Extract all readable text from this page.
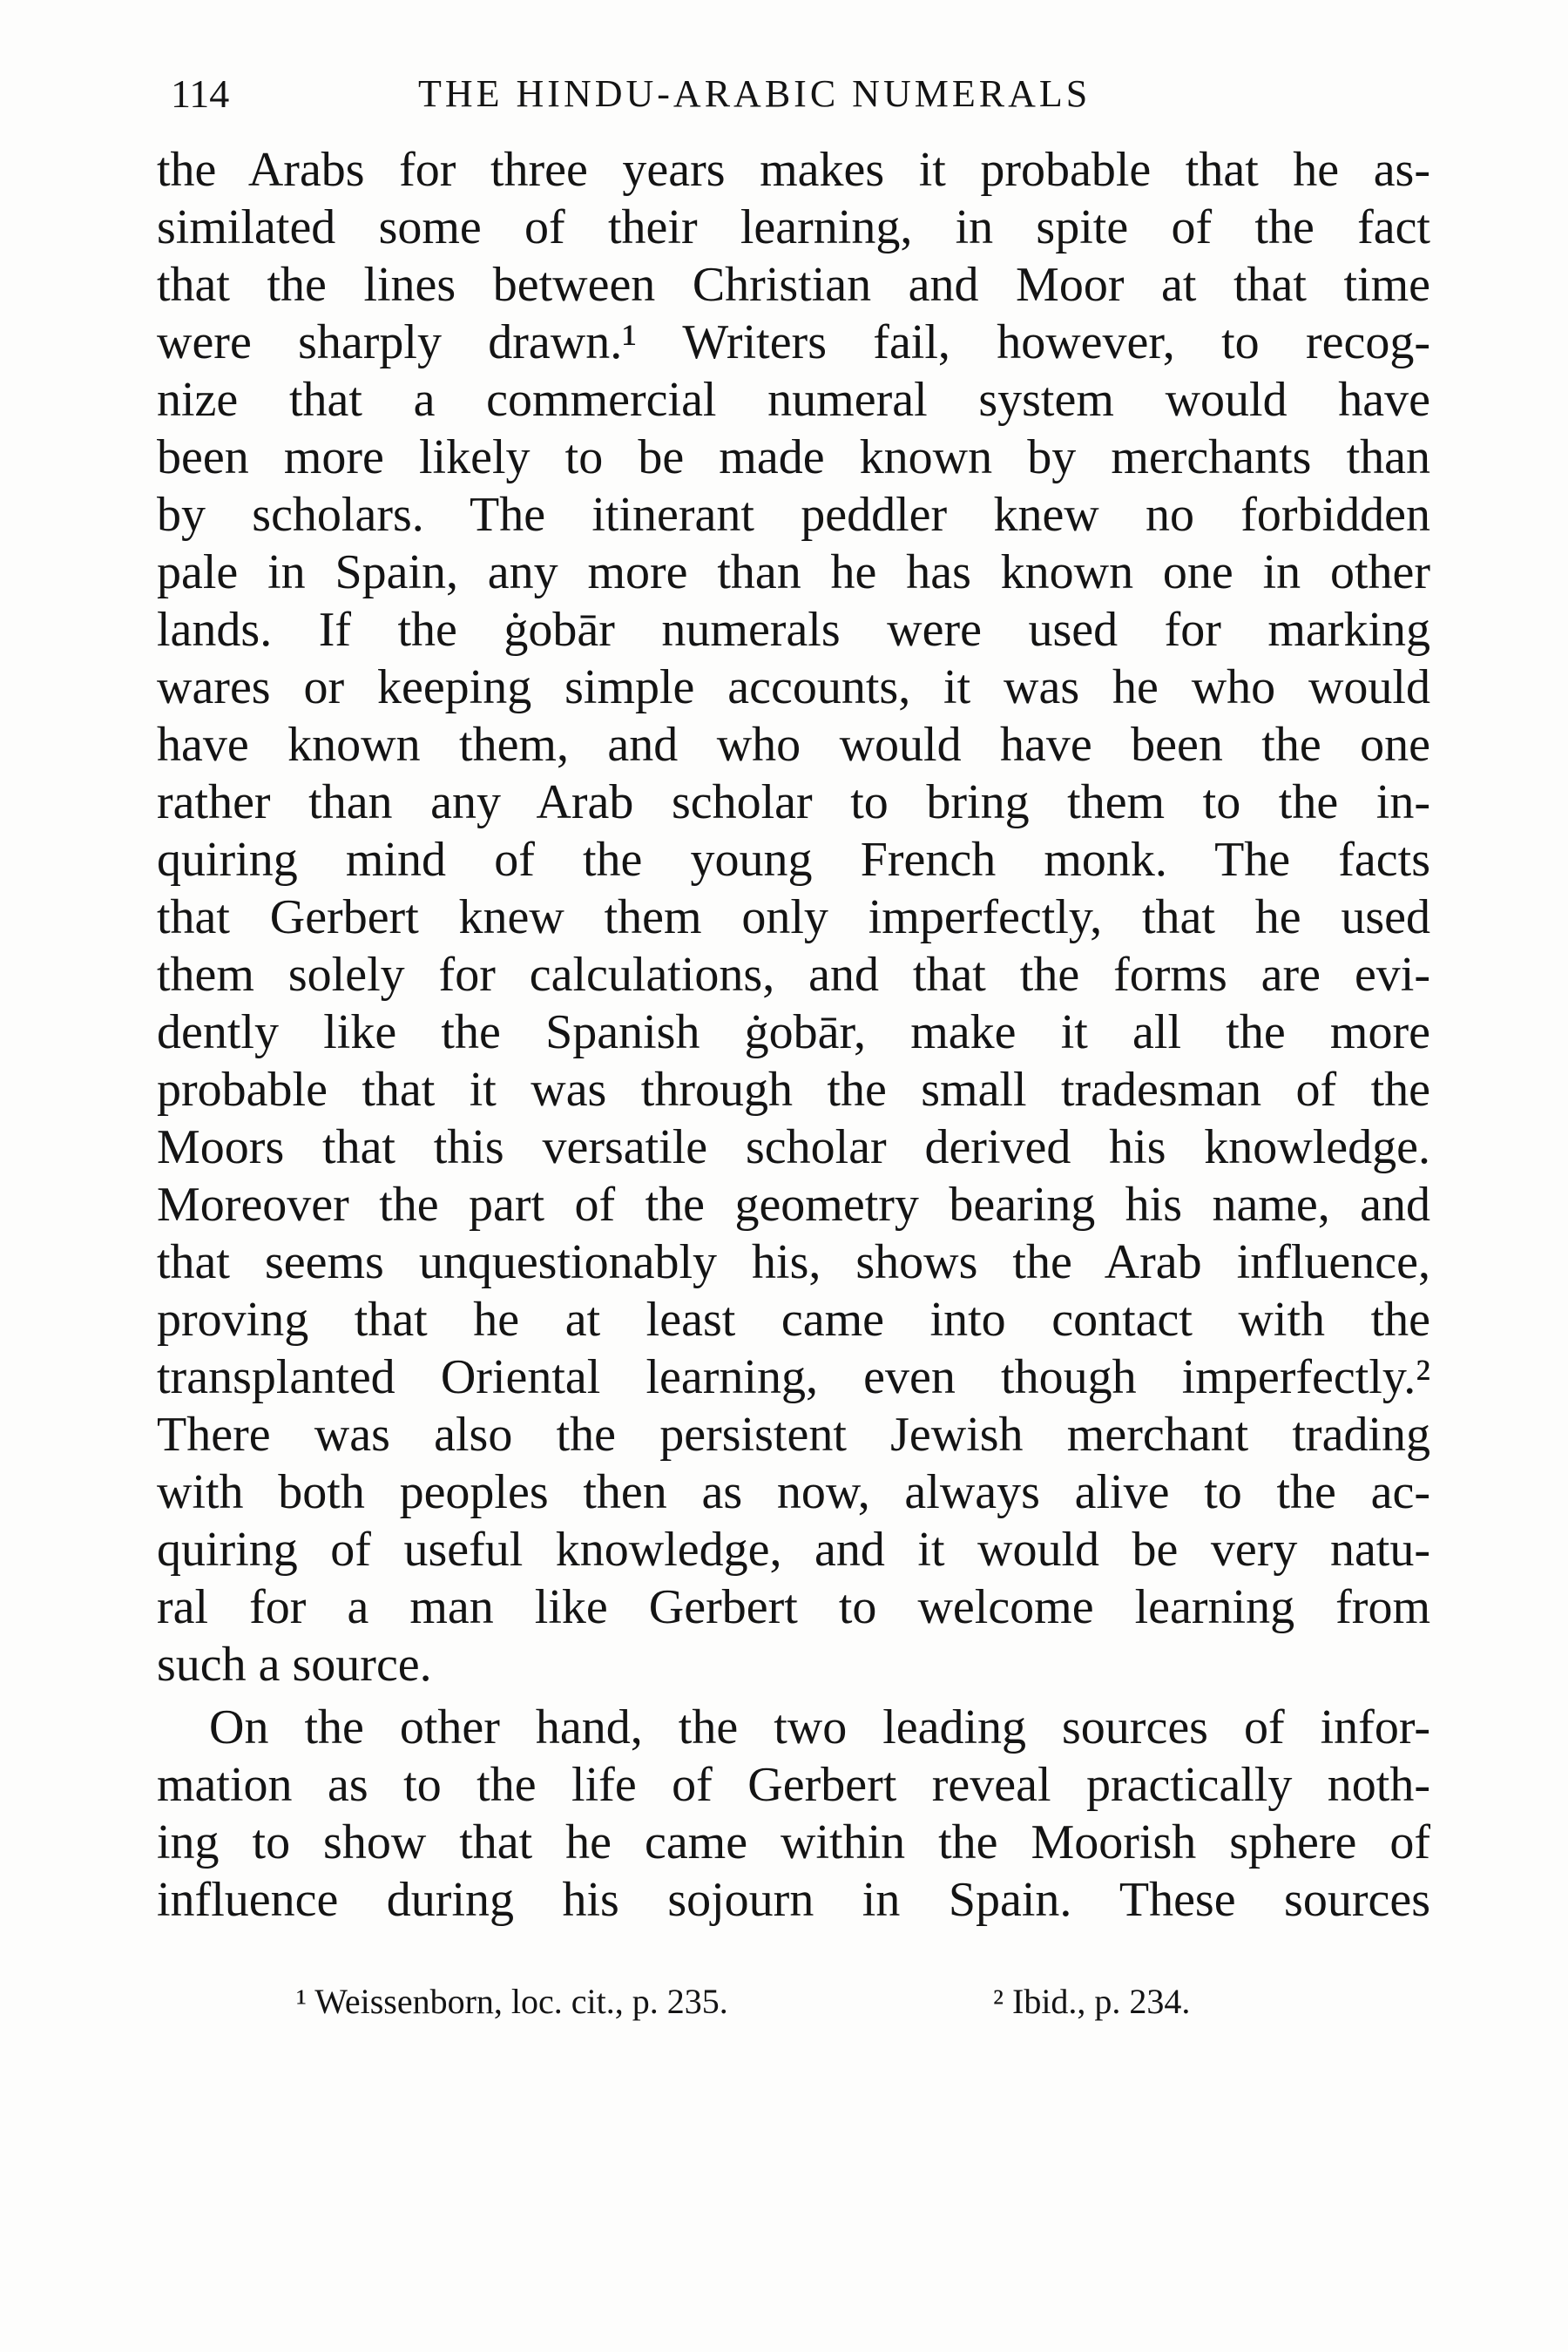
114	THE HINDU-ARABIC NUMERALS
the Arabs for three years makes it probable that he as-
similated some of their learning, in spite of the fact
that the lines between Christian and Moor at that time
were sharply drawn.¹ Writers fail, however, to recog-
nize that a commercial numeral system would have
been more likely to be made known by merchants than
by scholars. The itinerant peddler knew no forbidden
pale in Spain, any more than he has known one in other
lands. If the ġobār numerals were used for marking
wares or keeping simple accounts, it was he who would
have known them, and who would have been the one
rather than any Arab scholar to bring them to the in-
quiring mind of the young French monk. The facts
that Gerbert knew them only imperfectly, that he used
them solely for calculations, and that the forms are evi-
dently like the Spanish ġobār, make it all the more
probable that it was through the small tradesman of the
Moors that this versatile scholar derived his knowledge.
Moreover the part of the geometry bearing his name, and
that seems unquestionably his, shows the Arab influence,
proving that he at least came into contact with the
transplanted Oriental learning, even though imperfectly.²
There was also the persistent Jewish merchant trading
with both peoples then as now, always alive to the ac-
quiring of useful knowledge, and it would be very natu-
ral for a man like Gerbert to welcome learning from
such a source.
On the other hand, the two leading sources of infor-
mation as to the life of Gerbert reveal practically noth-
ing to show that he came within the Moorish sphere of
influence during his sojourn in Spain. These sources
¹ Weissenborn, loc. cit., p. 235.	² Ibid., p. 234.
